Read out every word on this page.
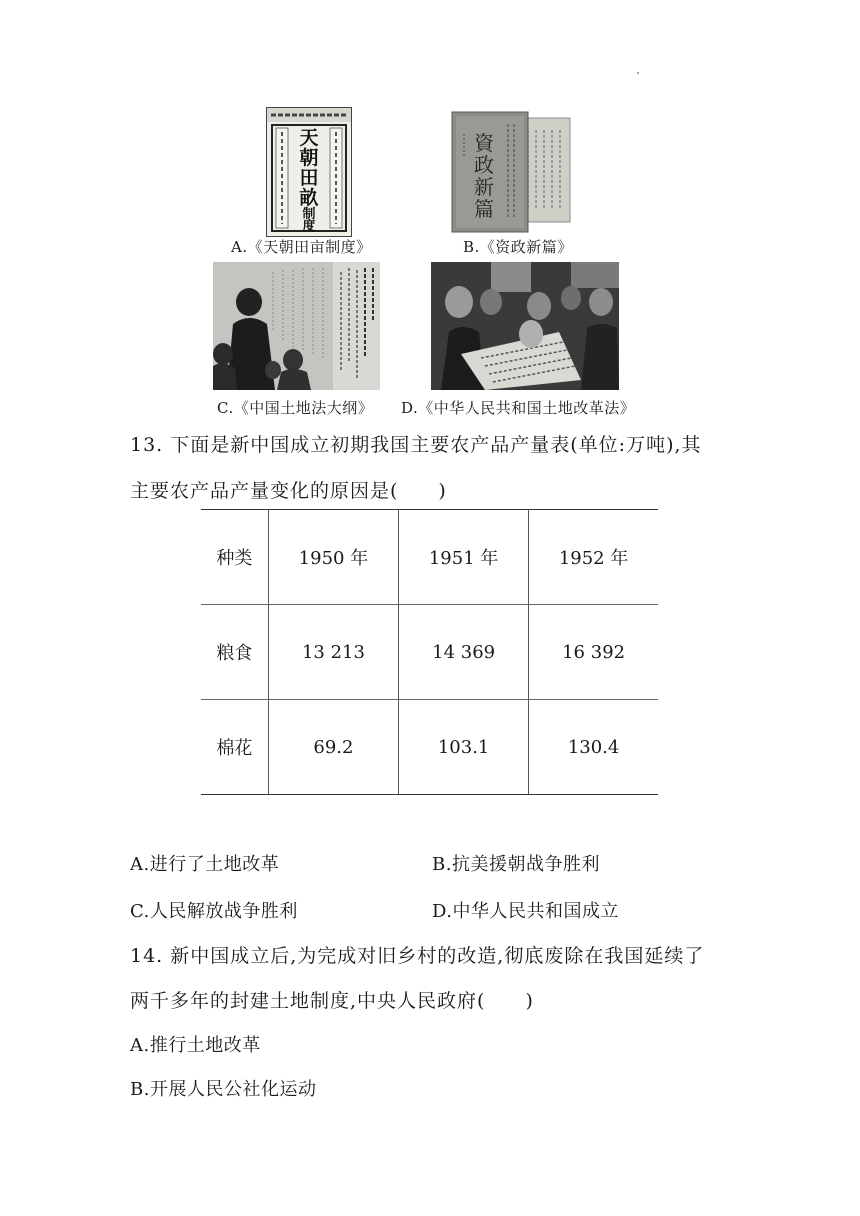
天
朝
田
畝
制
度
A.《天朝田亩制度》
資
政
新
篇
B.《资政新篇》
C.《中国土地法大纲》 D.《中华人民共和国土地改革法》
13. 下面是新中国成立初期我国主要农产品产量表(单位:万吨),其
主要农产品产量变化的原因是(　　)
种类	1950 年	1951 年	1952 年
粮食	13 213	14 369	16 392
棉花	69.2	103.1	130.4
A.进行了土地改革	B.抗美援朝战争胜利
C.人民解放战争胜利	D.中华人民共和国成立
14. 新中国成立后,为完成对旧乡村的改造,彻底废除在我国延续了
两千多年的封建土地制度,中央人民政府(　　)
A.推行土地改革
B.开展人民公社化运动
